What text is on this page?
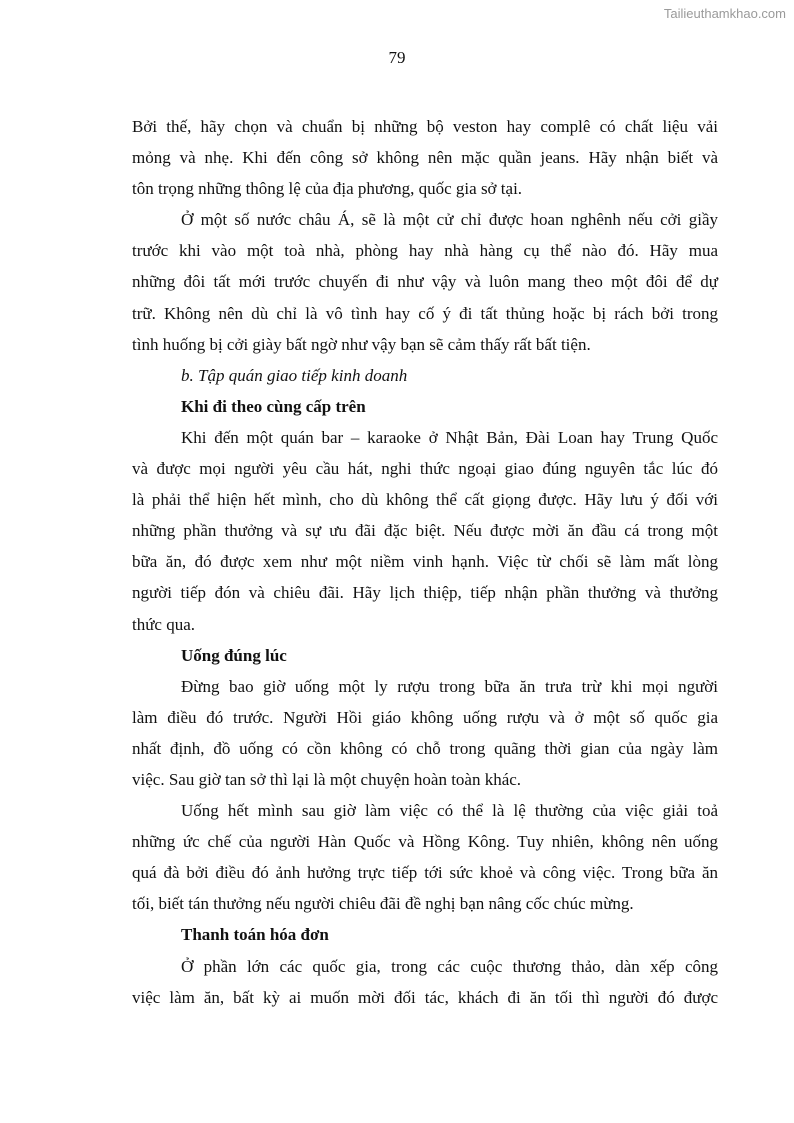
Tailieuthamkhao.com
79
Bởi thế, hãy chọn và chuẩn bị những bộ veston hay complê có chất liệu vải
mỏng và nhẹ. Khi đến công sở không nên mặc quần jeans. Hãy nhận biết và
tôn trọng những thông lệ của địa phương, quốc gia sở tại.
Ở một số nước châu Á, sẽ là một cử chỉ được hoan nghênh nếu cởi giầy
trước khi vào một toà nhà, phòng hay nhà hàng cụ thể nào đó. Hãy mua
những đôi tất mới trước chuyến đi như vậy và luôn mang theo một đôi để dự
trữ. Không nên dù chỉ là vô tình hay cố ý đi tất thủng hoặc bị rách bởi trong
tình huống bị cởi giày bất ngờ như vậy bạn sẽ cảm thấy rất bất tiện.
b. Tập quán giao tiếp kinh doanh
Khi đi theo cùng cấp trên
Khi đến một quán bar – karaoke ở Nhật Bản, Đài Loan hay Trung Quốc
và được mọi người yêu cầu hát, nghi thức ngoại giao đúng nguyên tắc lúc đó
là phải thể hiện hết mình, cho dù không thể cất giọng được. Hãy lưu ý đối với
những phần thưởng và sự ưu đãi đặc biệt. Nếu được mời ăn đầu cá trong một
bữa ăn, đó được xem như một niềm vinh hạnh. Việc từ chối sẽ làm mất lòng
người tiếp đón và chiêu đãi. Hãy lịch thiệp, tiếp nhận phần thưởng và thưởng
thức qua.
Uống đúng lúc
Đừng bao giờ uống một ly rượu trong bữa ăn trưa trừ khi mọi người
làm điều đó trước. Người Hồi giáo không uống rượu và ở một số quốc gia
nhất định, đồ uống có cồn không có chỗ trong quãng thời gian của ngày làm
việc. Sau giờ tan sở thì lại là một chuyện hoàn toàn khác.
Uống hết mình sau giờ làm việc có thể là lệ thường của việc giải toả
những ức chế của người Hàn Quốc và Hồng Kông. Tuy nhiên, không nên uống
quá đà bởi điều đó ảnh hưởng trực tiếp tới sức khoẻ và công việc. Trong bữa ăn
tối, biết tán thưởng nếu người chiêu đãi đề nghị bạn nâng cốc chúc mừng.
Thanh toán hóa đơn
Ở phần lớn các quốc gia, trong các cuộc thương thảo, dàn xếp công
việc làm ăn, bất kỳ ai muốn mời đối tác, khách đi ăn tối thì người đó được
